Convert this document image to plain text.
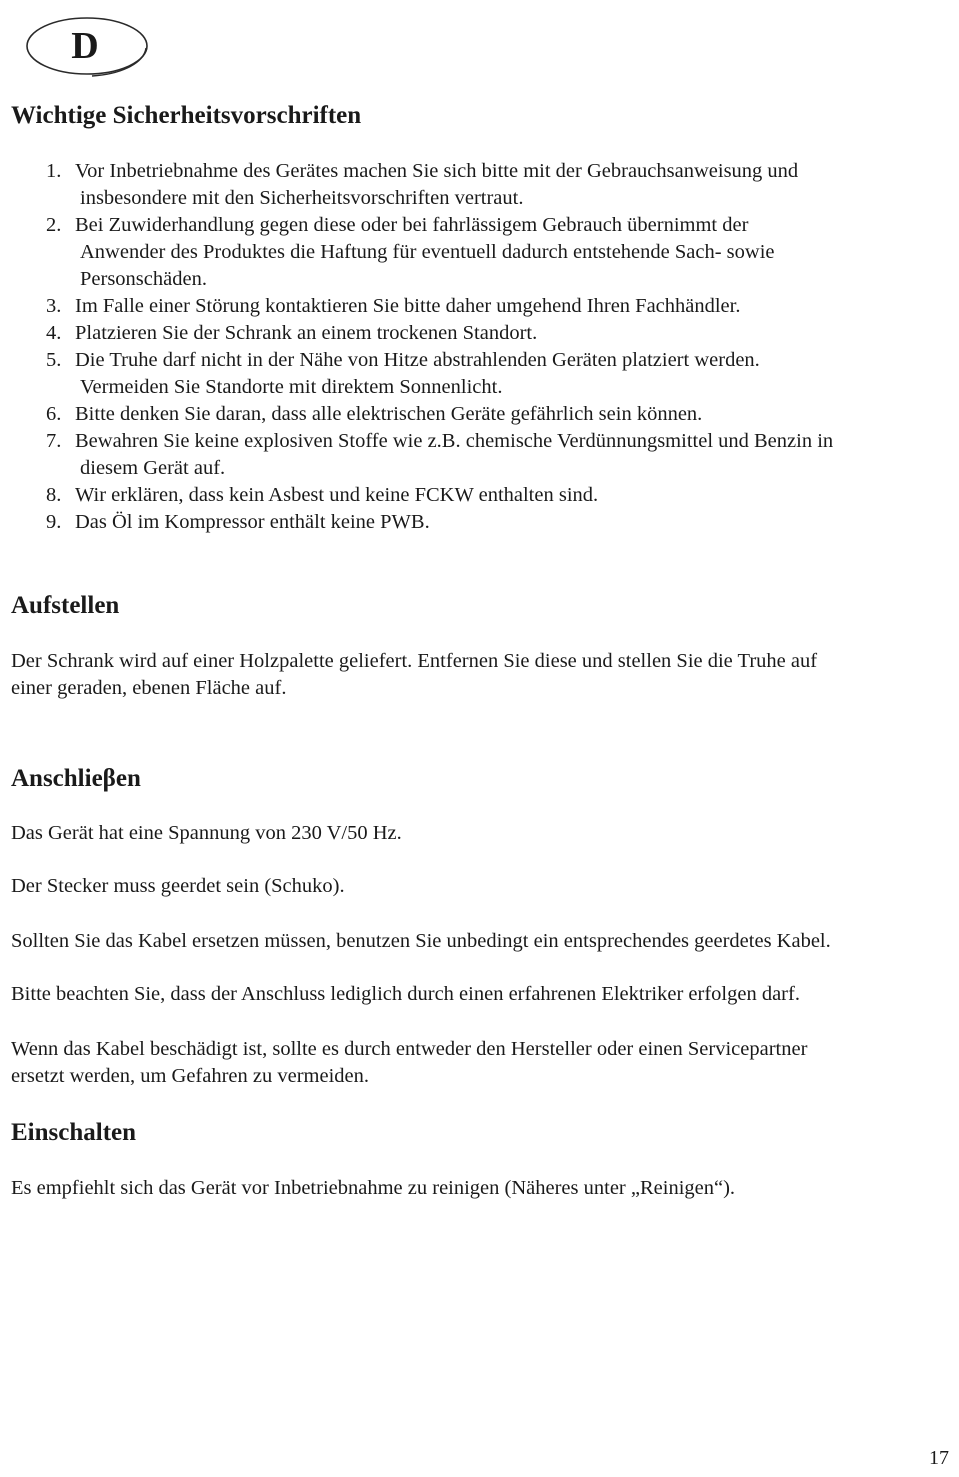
D
Wichtige Sicherheitsvorschriften
1. Vor Inbetriebnahme des Gerätes machen Sie sich bitte mit der Gebrauchsanweisung und
insbesondere mit den Sicherheitsvorschriften vertraut.
2. Bei Zuwiderhandlung gegen diese oder bei fahrlässigem Gebrauch übernimmt der
Anwender des Produktes die Haftung für eventuell dadurch entstehende Sach- sowie
Personschäden.
3. Im Falle einer Störung kontaktieren Sie bitte daher umgehend Ihren Fachhändler.
4. Platzieren Sie der Schrank an einem trockenen Standort.
5. Die Truhe darf nicht in der Nähe von Hitze abstrahlenden Geräten platziert werden.
Vermeiden Sie Standorte mit direktem Sonnenlicht.
6. Bitte denken Sie daran, dass alle elektrischen Geräte gefährlich sein können.
7. Bewahren Sie keine explosiven Stoffe wie z.B. chemische Verdünnungsmittel und Benzin in
diesem Gerät auf.
8. Wir erklären, dass kein Asbest und keine FCKW enthalten sind.
9. Das Öl im Kompressor enthält keine PWB.
Aufstellen

Der Schrank wird auf einer Holzpalette geliefert. Entfernen Sie diese und stellen Sie die Truhe auf

einer geraden, ebenen Fläche auf.

Anschlieβen

Das Gerät hat eine Spannung von 230 V/50 Hz.

Der Stecker muss geerdet sein (Schuko).

Sollten Sie das Kabel ersetzen müssen, benutzen Sie unbedingt ein entsprechendes geerdetes Kabel.

Bitte beachten Sie, dass der Anschluss lediglich durch einen erfahrenen Elektriker erfolgen darf.

Wenn das Kabel beschädigt ist, sollte es durch entweder den Hersteller oder einen Servicepartner

ersetzt werden, um Gefahren zu vermeiden.

Einschalten

Es empfiehlt sich das Gerät vor Inbetriebnahme zu reinigen (Näheres unter „Reinigen“).

17
